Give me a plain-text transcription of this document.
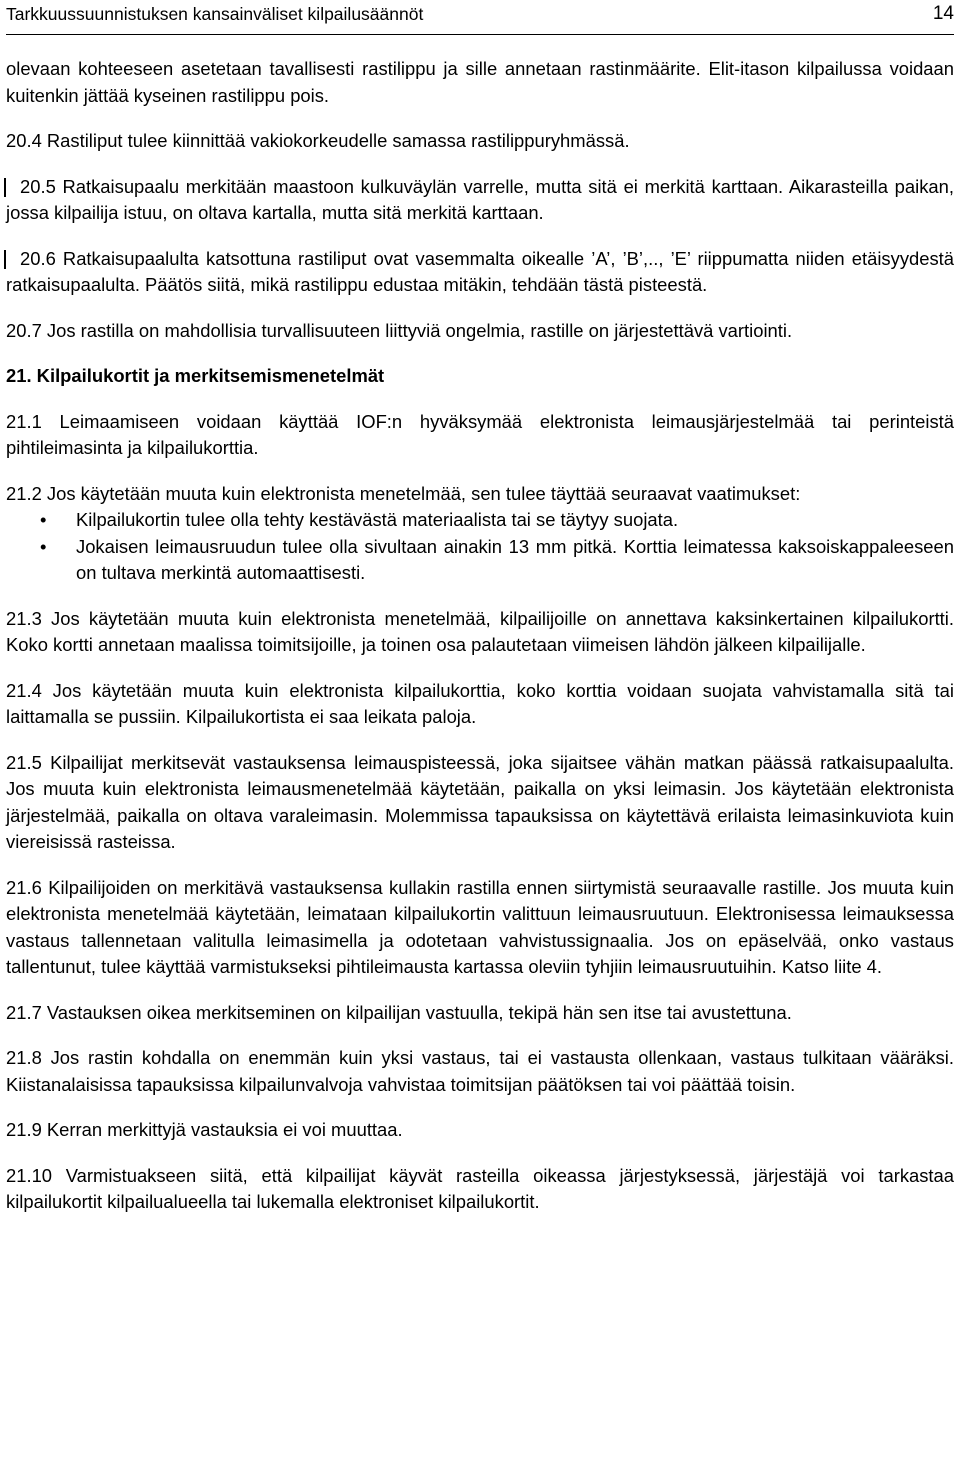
Tarkkuussuunnistuksen kansainväliset kilpailusäännöt	14

olevaan kohteeseen asetetaan tavallisesti rastilippu ja sille annetaan rastinmäärite. Elit-itason kilpailussa voidaan kuitenkin jättää kyseinen rastilippu pois.

20.4 Rastiliput tulee kiinnittää vakiokorkeudelle samassa rastilippuryhmässä.

20.5 Ratkaisupaalu merkitään maastoon kulkuväylän varrelle, mutta sitä ei merkitä karttaan. Aikarasteilla paikan, jossa kilpailija istuu, on oltava kartalla, mutta sitä merkitä karttaan.

20.6 Ratkaisupaalulta katsottuna rastiliput ovat vasemmalta oikealle ’A’, ’B’,.., ’E’ riippumatta niiden etäisyydestä ratkaisupaalulta. Päätös siitä, mikä rastilippu edustaa mitäkin, tehdään tästä pisteestä.

20.7 Jos rastilla on mahdollisia turvallisuuteen liittyviä ongelmia, rastille on järjestettävä vartiointi.

21. Kilpailukortit ja merkitsemismenetelmät

21.1 Leimaamiseen voidaan käyttää IOF:n hyväksymää elektronista leimausjärjestelmää tai perinteistä pihtileimasinta ja kilpailukorttia.

21.2 Jos käytetään muuta kuin elektronista menetelmää, sen tulee täyttää seuraavat vaatimukset:

• Kilpailukortin tulee olla tehty kestävästä materiaalista tai se täytyy suojata.
• Jokaisen leimausruudun tulee olla sivultaan ainakin 13 mm pitkä. Korttia leimatessa kaksoiskappaleeseen on tultava merkintä automaattisesti.

21.3 Jos käytetään muuta kuin elektronista menetelmää, kilpailijoille on annettava kaksinkertainen kilpailukortti. Koko kortti annetaan maalissa toimitsijoille, ja toinen osa palautetaan viimeisen lähdön jälkeen kilpailijalle.

21.4 Jos käytetään muuta kuin elektronista kilpailukorttia, koko korttia voidaan suojata vahvistamalla sitä tai laittamalla se pussiin. Kilpailukortista ei saa leikata paloja.

21.5 Kilpailijat merkitsevät vastauksensa leimauspisteessä, joka sijaitsee vähän matkan päässä ratkaisupaalulta. Jos muuta kuin elektronista leimausmenetelmää käytetään, paikalla on yksi leimasin. Jos käytetään elektronista järjestelmää, paikalla on oltava varaleimasin. Molemmissa tapauksissa on käytettävä erilaista leimasinkuviota kuin viereisissä rasteissa.

21.6 Kilpailijoiden on merkitävä vastauksensa kullakin rastilla ennen siirtymistä seuraavalle rastille. Jos muuta kuin elektronista menetelmää käytetään, leimataan kilpailukortin valittuun leimausruutuun. Elektronisessa leimauksessa vastaus tallennetaan valitulla leimasimella ja odotetaan vahvistussignaalia. Jos on epäselvää, onko vastaus tallentunut, tulee käyttää varmistukseksi pihtileimausta kartassa oleviin tyhjiin leimausruutuihin. Katso liite 4.

21.7 Vastauksen oikea merkitseminen on kilpailijan vastuulla, tekipä hän sen itse tai avustettuna.

21.8 Jos rastin kohdalla on enemmän kuin yksi vastaus, tai ei vastausta ollenkaan, vastaus tulkitaan vääräksi. Kiistanalaisissa tapauksissa kilpailunvalvoja vahvistaa toimitsijan päätöksen tai voi päättää toisin.

21.9 Kerran merkittyjä vastauksia ei voi muuttaa.

21.10 Varmistuakseen siitä, että kilpailijat käyvät rasteilla oikeassa järjestyksessä, järjestäjä voi tarkastaa kilpailukortit kilpailualueella tai lukemalla elektroniset kilpailukortit.
